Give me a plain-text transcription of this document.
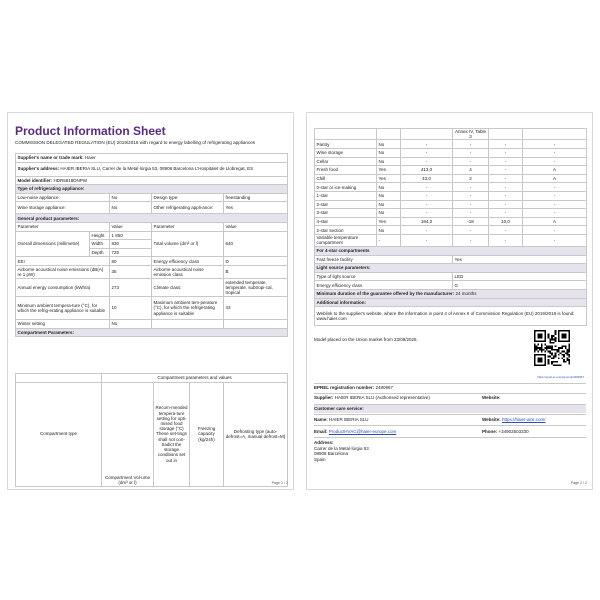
Product Information Sheet
COMMISSION DELEGATED REGULATION (EU) 2019/2016 with regard to energy labelling of refrigerating appliances
Supplier's name or trade mark: Haier				
Supplier's address: HAIER IBERIA SLU, Carrer de la Metal·lúrgia 53, 08908 Barcelona L'Hospitalet de Llobregat, ES				
Model identifier: HDR5818DNPW				
Type of refrigerating appliance:				
Low-noise appliance:		No	Design type:	freestanding
Wine storage appliance:		No	Other refrigerating appli-ance:	Yes
General product parameters:				
Parameter		Value	Parameter	Value
Overall dimensions (millimetre)	Height	1 850	Total volume (dm³ or l)	640
	Width	830		
	Depth	725		
EEI		80	Energy efficiency class	D
Airborne acoustical noise emissions (dB(A) re 1 pW)		35	Airborne acoustical noise emission class	B
Annual energy consumption (kWh/a)		273	Climate class:	extended temperate, temperate, subtropi-cal, tropical
Minimum ambient tempera-ture (°C), for which the refrig-erating appliance is suitable		10	Maximum ambient tem-perature (°C), for which the refrigerating appliance is suitable	43
Winter setting		No		
Compartment Parameters:				
	Compartment parameters and values			
Compartment type	Compartment Vol-ume (dm³ or l)	Recom-mended tempera-ture setting for opti-mised food storage (°C) These set-tings shall not con-tradict the storage conditions set out in	Freezing capacity (kg/24h)	Defrosting type (auto-defrost=A, manual defrost=M)
Page 1 / 2
			Annex IV, Table 3		
Pantry	No	-	-	-	-
Wine storage	No	-	-	-	-
Cellar	No	-	-	-	-
Fresh food	Yes	413,0	4	-	A
Chill	Yes	43,0	2	-	A
0-star or ice-making	No	-	-	-	-
1-star	No	-	-	-	-
2-star	No	-	-	-	-
3-star	No	-	-	-	-
4-star	Yes	184,0	-18	10,0	A
2-star section	No	-	-	-	-
Variable temperature compartment	-	-	-	-	-
For 4-star compartments					
Fast freeze facility			Yes		
Light source parameters:					
Type of light source			LED		
Energy efficiency class			G		
Minimum duration of the guarantee offered by the manufacturer: 24 months					
Additional information:					
Weblink to the supplier's website, where the information in point 4 of Annex II of Commission Regulation (EU) 2019/2019 is found: www.haier.com					
Model placed on the Union market from 23/09/2025.
https://eprel.ec.europa.eu/qr/2480967
EPREL registration number: 2480967
Supplier: HAIER IBERIA SLU (Authorised representative)	Website:
Customer care service:
Name: HAIER IBERIA SLU	Website: https://haier-aire.com/
Email: ProductHVAC@haier-europe.com	Phone: +34902503330
Address:
Carrer de la Metal·lúrgia 53
08908 Barcelona
Spain
Page 2 / 2
